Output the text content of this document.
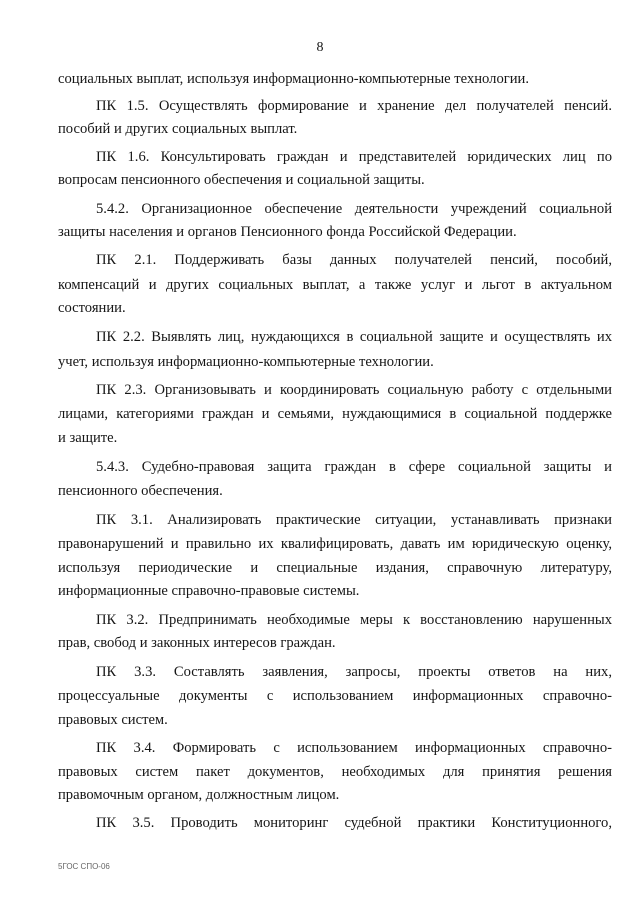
8
социальных выплат, используя информационно-компьютерные технологии.
ПК 1.5. Осуществлять формирование и хранение дел получателей пенсий.
пособий и других социальных выплат.
ПК 1.6. Консультировать граждан и представителей юридических лиц по
вопросам пенсионного обеспечения и социальной защиты.
5.4.2. Организационное обеспечение деятельности учреждений социальной
защиты населения и органов Пенсионного фонда Российской Федерации.
ПК 2.1. Поддерживать базы данных получателей пенсий, пособий,
компенсаций и других социальных выплат, а также услуг и льгот в актуальном
состоянии.
ПК 2.2. Выявлять лиц, нуждающихся в социальной защите и осуществлять их
учет, используя информационно-компьютерные технологии.
ПК 2.3. Организовывать и координировать социальную работу с отдельными
лицами, категориями граждан и семьями, нуждающимися в социальной поддержке
и защите.
5.4.3. Судебно-правовая защита граждан в сфере социальной защиты и
пенсионного обеспечения.
ПК 3.1. Анализировать практические ситуации, устанавливать признаки
правонарушений и правильно их квалифицировать, давать им юридическую оценку,
используя периодические и специальные издания, справочную литературу,
информационные справочно-правовые системы.
ПК 3.2. Предпринимать необходимые меры к восстановлению нарушенных
прав, свобод и законных интересов граждан.
ПК 3.3. Составлять заявления, запросы, проекты ответов на них,
процессуальные документы с использованием информационных справочно-
правовых систем.
ПК 3.4. Формировать с использованием информационных справочно-
правовых систем пакет документов, необходимых для принятия решения
правомочным органом, должностным лицом.
ПК 3.5. Проводить мониторинг судебной практики Конституционного,
5ГОС СПО-06
